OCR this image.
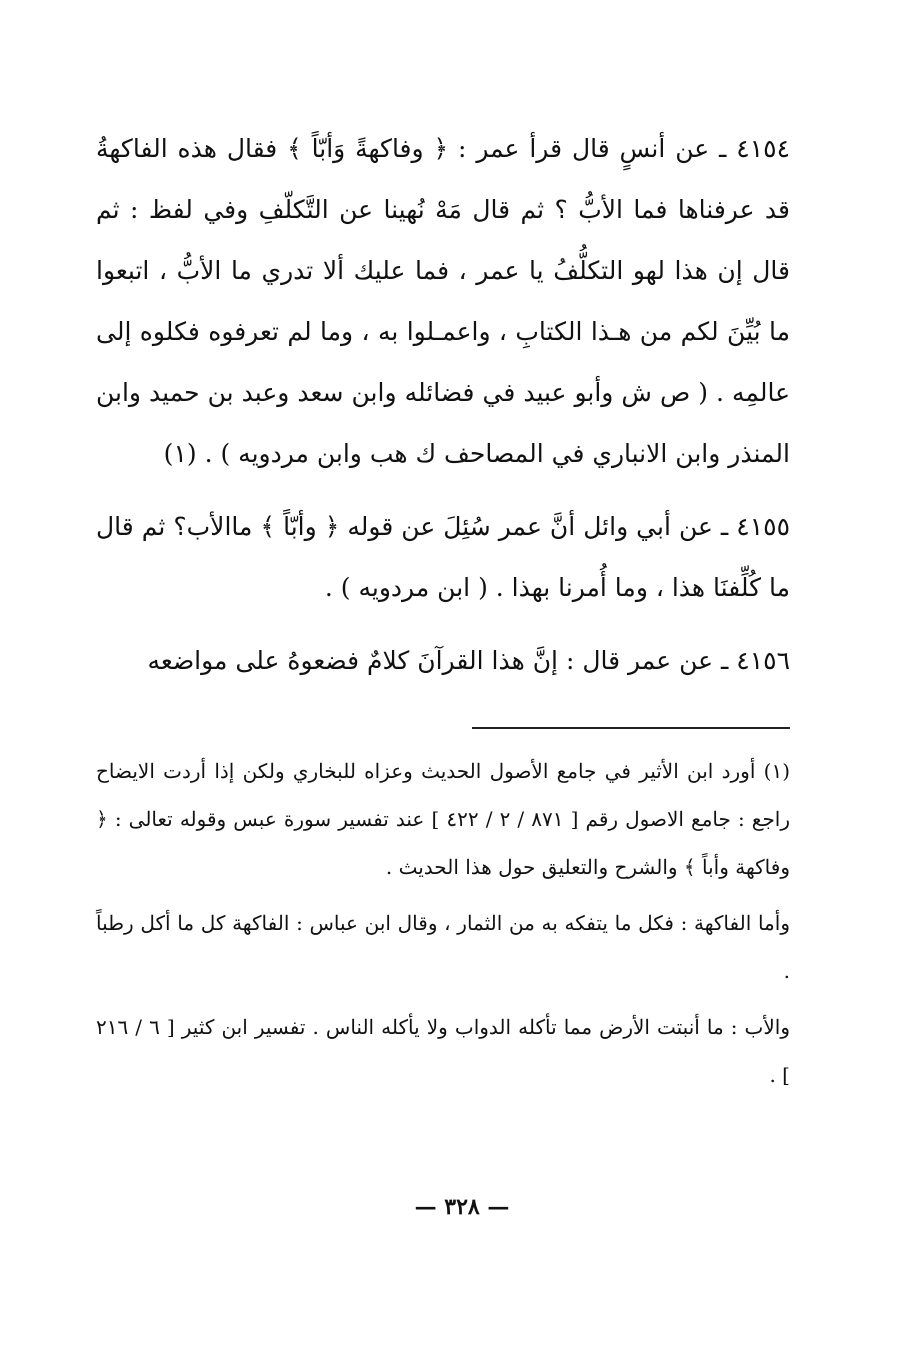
٤١٥٤ ـ عن أنسٍ قال قرأ عمر : ﴿ وفاكهةً وَأبّاً ﴾ فقال هذه الفاكهةُ قد عرفناها فما الأبُّ ؟ ثم قال مَهْ نُهينا عن التَّكلّفِ وفي لفظ : ثم قال إن هذا لهو التكلُّفُ يا عمر ، فما عليك ألا تدري ما الأبُّ ، اتبعوا ما بُيِّنَ لكم من هـذا الكتابِ ، واعمـلوا به ، وما لم تعرفوه فكلوه إلى عالمِه . ( ص ش وأبو عبيد في فضائله وابن سعد وعبد بن حميد وابن المنذر وابن الانباري في المصاحف ك هب وابن مردويه ) . (١)

٤١٥٥ ـ عن أبي وائل أنَّ عمر سُئِلَ عن قوله ﴿ وأبّاً ﴾ ماالأب؟ ثم قال ما كُلِّفنَا هذا ، وما أُمرنا بهذا . ( ابن مردويه ) .

٤١٥٦ ـ عن عمر قال : إنَّ هذا القرآنَ كلامٌ فضعوهُ على مواضعه

(١) أورد ابن الأثير في جامع الأصول الحديث وعزاه للبخاري ولكن إذا أردت الايضاح راجع : جامع الاصول رقم [ ٨٧١ / ٢ / ٤٢٢ ] عند تفسير سورة عبس وقوله تعالى : ﴿ وفاكهة وأباً ﴾ والشرح والتعليق حول هذا الحديث .

وأما الفاكهة : فكل ما يتفكه به من الثمار ، وقال ابن عباس : الفاكهة كل ما أكل رطباً .

والأب : ما أنبتت الأرض مما تأكله الدواب ولا يأكله الناس . تفسير ابن كثير [ ٦ / ٢١٦ ] .

— ٣٢٨ —
